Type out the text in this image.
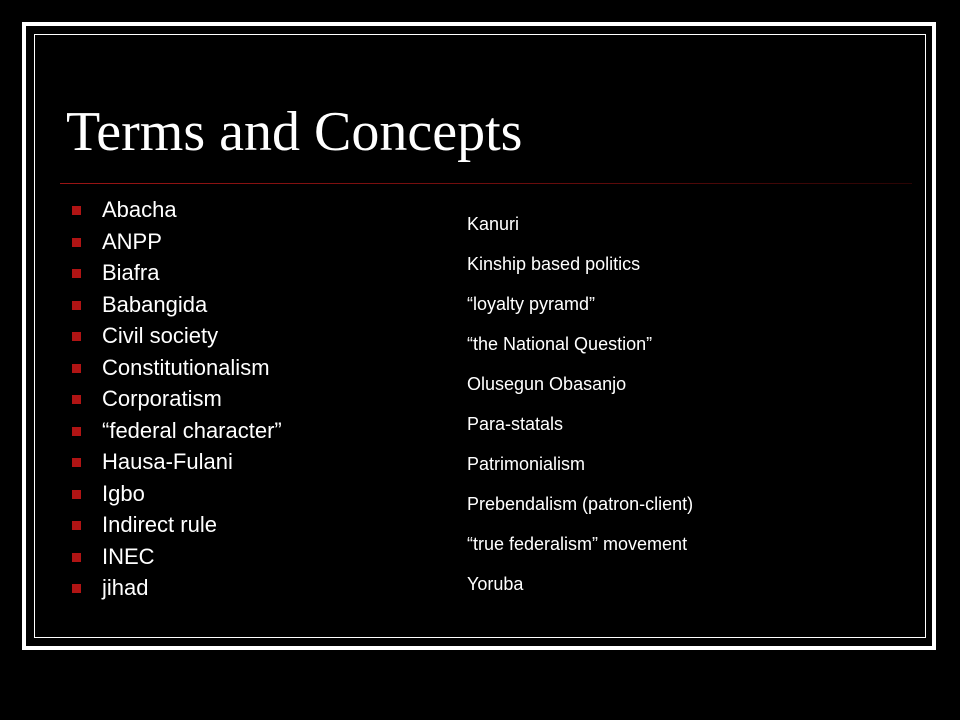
Terms and Concepts
Abacha
ANPP
Biafra
Babangida
Civil society
Constitutionalism
Corporatism
“federal character”
Hausa-Fulani
Igbo
Indirect rule
INEC
jihad
Kanuri
Kinship based politics
“loyalty pyramd”
“the National Question”
Olusegun Obasanjo
Para-statals
Patrimonialism
Prebendalism (patron-client)
“true federalism” movement
Yoruba
